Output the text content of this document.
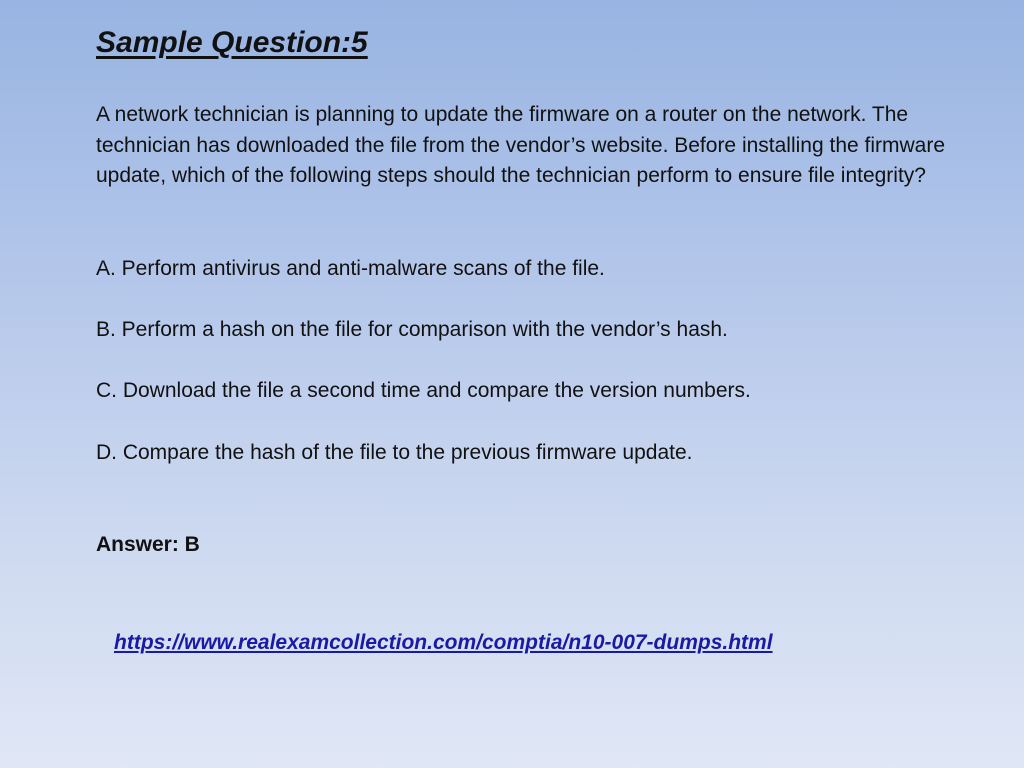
Sample Question:5
A network technician is planning to update the firmware on a router on the network. The technician has downloaded the file from the vendor’s website. Before installing the firmware update, which of the following steps should the technician perform to ensure file integrity?
A. Perform antivirus and anti-malware scans of the file.
B. Perform a hash on the file for comparison with the vendor’s hash.
C. Download the file a second time and compare the version numbers.
D. Compare the hash of the file to the previous firmware update.
Answer: B
https://www.realexamcollection.com/comptia/n10-007-dumps.html
